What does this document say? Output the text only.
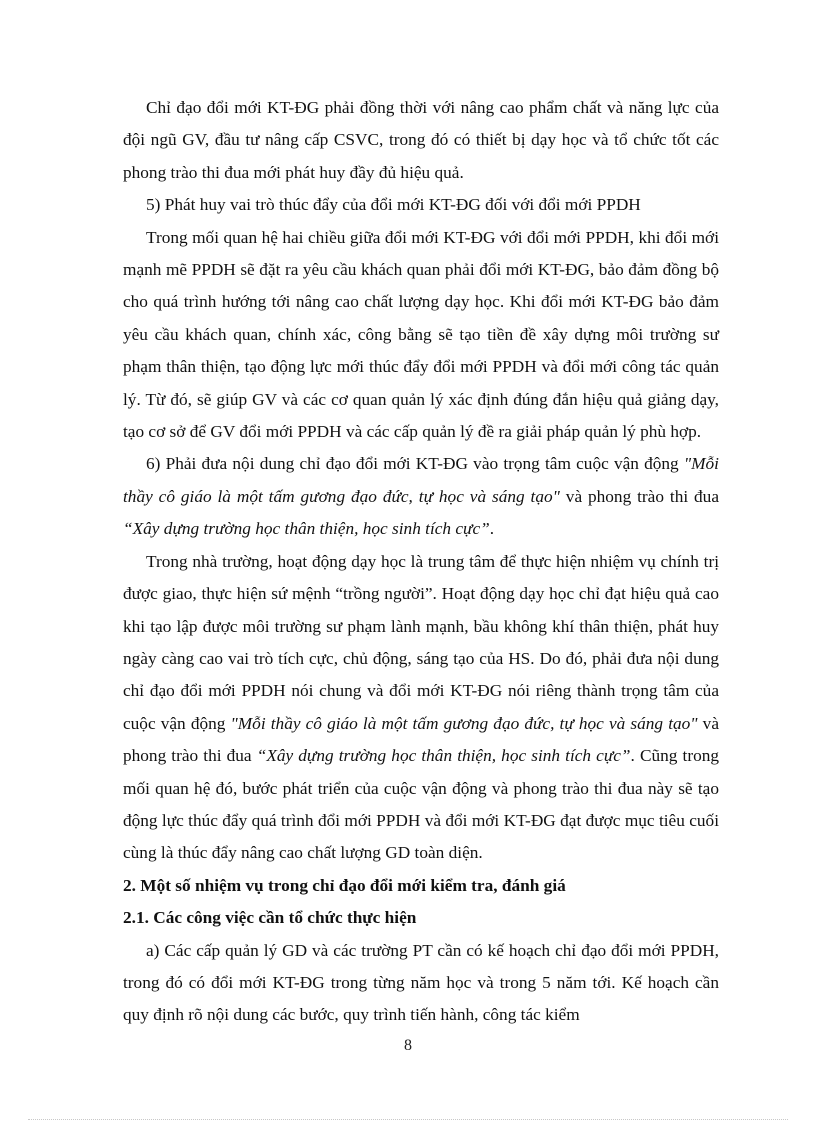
Chỉ đạo đổi mới KT-ĐG phải đồng thời với nâng cao phẩm chất và năng lực của đội ngũ GV, đầu tư nâng cấp CSVC, trong đó có thiết bị dạy học và tổ chức tốt các phong trào thi đua mới phát huy đầy đủ hiệu quả.

5) Phát huy vai trò thúc đẩy của đổi mới KT-ĐG đối với đổi mới PPDH

Trong mối quan hệ hai chiều giữa đổi mới KT-ĐG với đổi mới PPDH, khi đổi mới mạnh mẽ PPDH sẽ đặt ra yêu cầu khách quan phải đổi mới KT-ĐG, bảo đảm đồng bộ cho quá trình hướng tới nâng cao chất lượng dạy học. Khi đổi mới KT-ĐG bảo đảm yêu cầu khách quan, chính xác, công bằng sẽ tạo tiền đề xây dựng môi trường sư phạm thân thiện, tạo động lực mới thúc đẩy đổi mới PPDH và đổi mới công tác quản lý. Từ đó, sẽ giúp GV và các cơ quan quản lý xác định đúng đắn hiệu quả giảng dạy, tạo cơ sở để GV đổi mới PPDH và các cấp quản lý đề ra giải pháp quản lý phù hợp.

6) Phải đưa nội dung chỉ đạo đổi mới KT-ĐG vào trọng tâm cuộc vận động "Mỗi thầy cô giáo là một tấm gương đạo đức, tự học và sáng tạo" và phong trào thi đua “Xây dựng trường học thân thiện, học sinh tích cực”.

Trong nhà trường, hoạt động dạy học là trung tâm để thực hiện nhiệm vụ chính trị được giao, thực hiện sứ mệnh “trồng người”. Hoạt động dạy học chỉ đạt hiệu quả cao khi tạo lập được môi trường sư phạm lành mạnh, bầu không khí thân thiện, phát huy ngày càng cao vai trò tích cực, chủ động, sáng tạo của HS. Do đó, phải đưa nội dung chỉ đạo đổi mới PPDH nói chung và đổi mới KT-ĐG nói riêng thành trọng tâm của cuộc vận động "Mỗi thầy cô giáo là một tấm gương đạo đức, tự học và sáng tạo" và phong trào thi đua “Xây dựng trường học thân thiện, học sinh tích cực”. Cũng trong mối quan hệ đó, bước phát triển của cuộc vận động và phong trào thi đua này sẽ tạo động lực thúc đẩy quá trình đổi mới PPDH và đổi mới KT-ĐG đạt được mục tiêu cuối cùng là thúc đẩy nâng cao chất lượng GD toàn diện.

2. Một số nhiệm vụ trong chỉ đạo đổi mới kiểm tra, đánh giá

2.1. Các công việc cần tổ chức thực hiện

a) Các cấp quản lý GD và các trường PT cần có kế hoạch chỉ đạo đổi mới PPDH, trong đó có đổi mới KT-ĐG trong từng năm học và trong 5 năm tới. Kế hoạch cần quy định rõ nội dung các bước, quy trình tiến hành, công tác kiểm

8
